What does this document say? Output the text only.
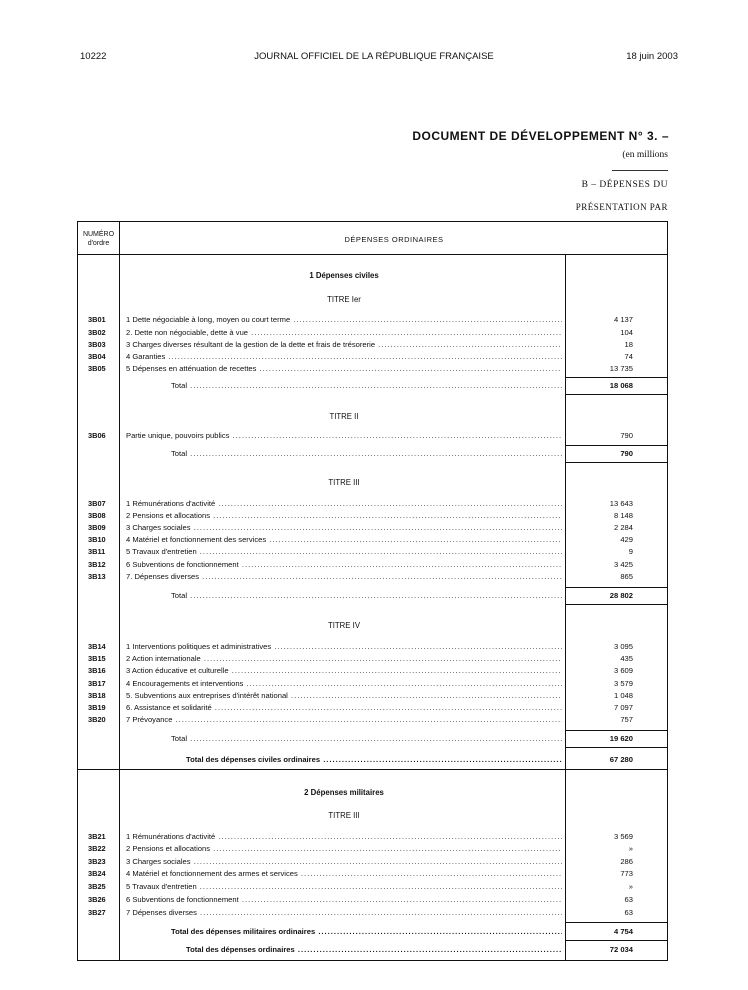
10222	JOURNAL OFFICIEL DE LA RÉPUBLIQUE FRANÇAISE	18 juin 2003
DOCUMENT DE DÉVELOPPEMENT N° 3. –
(en millions
B – DÉPENSES DU
PRÉSENTATION PAR
NUMÉRO d'ordre	DÉPENSES ORDINAIRES
1 Dépenses civiles
TITRE Ier
3B01	1 Dette négociable à long, moyen ou court terme .....	4 137
3B02	2. Dette non négociable, dette à vue .....	104
3B03	3 Charges diverses résultant de la gestion de la dette et frais de trésorerie .....	18
3B04	4 Garanties .....	74
3B05	5 Dépenses en atténuation de recettes .....	13 735
Total .....	18 068
TITRE II
3B06	Partie unique, pouvoirs publics .....	790
Total .....	790
TITRE III
3B07	1 Rémunérations d'activité .....	13 643
3B08	2 Pensions et allocations .....	8 148
3B09	3 Charges sociales .....	2 284
3B10	4 Matériel et fonctionnement des services .....	429
3B11	5 Travaux d'entretien .....	9
3B12	6 Subventions de fonctionnement .....	3 425
3B13	7. Dépenses diverses .....	865
Total .....	28 802
TITRE IV
3B14	1 Interventions politiques et administratives .....	3 095
3B15	2 Action internationale .....	435
3B16	3 Action éducative et culturelle .....	3 609
3B17	4 Encouragements et interventions .....	3 579
3B18	5. Subventions aux entreprises d'intérêt national .....	1 048
3B19	6. Assistance et solidarité .....	7 097
3B20	7 Prévoyance .....	757
Total .....	19 620
Total des dépenses civiles ordinaires .....	67 280
2 Dépenses militaires
TITRE III
3B21	1 Rémunérations d'activité .....	3 569
3B22	2 Pensions et allocations .....	»
3B23	3 Charges sociales .....	286
3B24	4 Matériel et fonctionnement des armes et services .....	773
3B25	5 Travaux d'entretien .....	»
3B26	6 Subventions de fonctionnement .....	63
3B27	7 Dépenses diverses .....	63
Total des dépenses militaires ordinaires .....	4 754
Total des dépenses ordinaires .....	72 034
